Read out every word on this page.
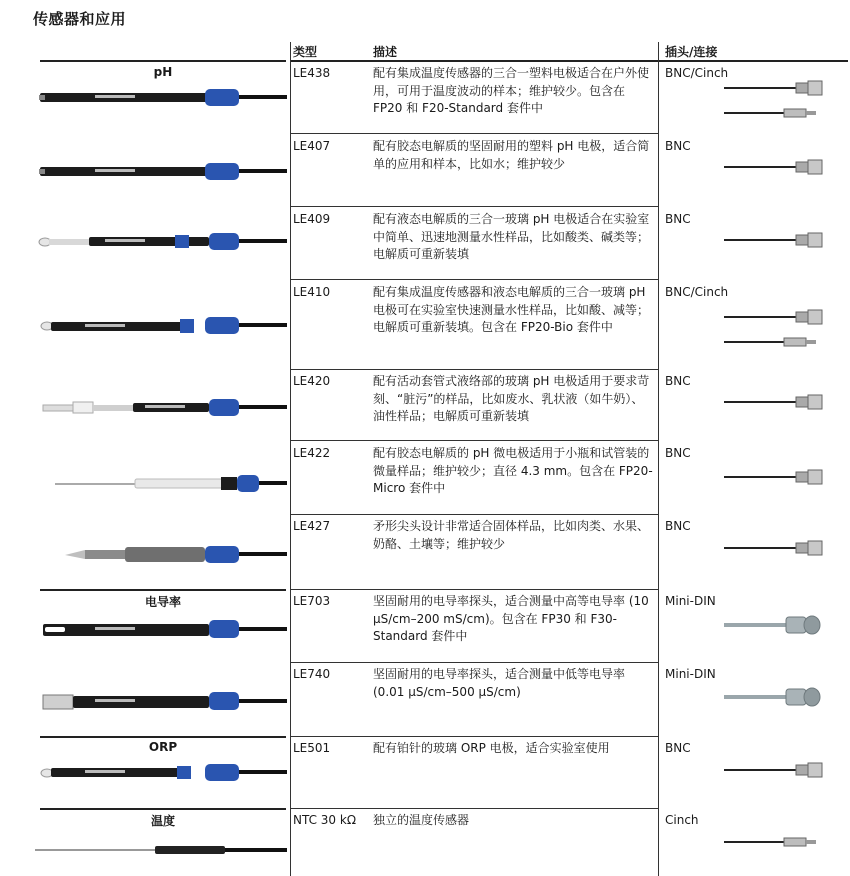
传感器和应用
类型	描述	插头/连接
pH
电导率
ORP
温度
LE438	配有集成温度传感器的三合一塑料电极适合在户外使用，可用于温度波动的样本；维护较少。包含在 FP20 和 F20-Standard 套件中
BNC/Cinch
LE407	配有胶态电解质的坚固耐用的塑料 pH 电极，适合简单的应用和样本，比如水；维护较少
BNC
LE409	配有液态电解质的三合一玻璃 pH 电极适合在实验室中简单、迅速地测量水性样品，比如酸类、碱类等；电解质可重新装填
BNC
LE410	配有集成温度传感器和液态电解质的三合一玻璃 pH 电极可在实验室快速测量水性样品，比如酸、减等；电解质可重新装填。包含在 FP20-Bio 套件中
BNC/Cinch
LE420	配有活动套管式液络部的玻璃 pH 电极适用于要求苛刻、“脏污”的样品，比如废水、乳状液（如牛奶）、油性样品；电解质可重新装填
BNC
LE422	配有胶态电解质的 pH 微电极适用于小瓶和试管装的微量样品；维护较少；直径 4.3 mm。包含在 FP20-Micro 套件中
BNC
LE427	矛形尖头设计非常适合固体样品，比如肉类、水果、奶酪、土壤等；维护较少
BNC
LE703	坚固耐用的电导率探头，适合测量中高等电导率 (10 µS/cm–200 mS/cm)。包含在 FP30 和 F30-Standard 套件中
Mini-DIN
LE740	坚固耐用的电导率探头，适合测量中低等电导率 (0.01 µS/cm–500 µS/cm)
Mini-DIN
LE501	配有铂针的玻璃 ORP 电极，适合实验室使用	BNC
NTC 30 kΩ 独立的温度传感器	Cinch
